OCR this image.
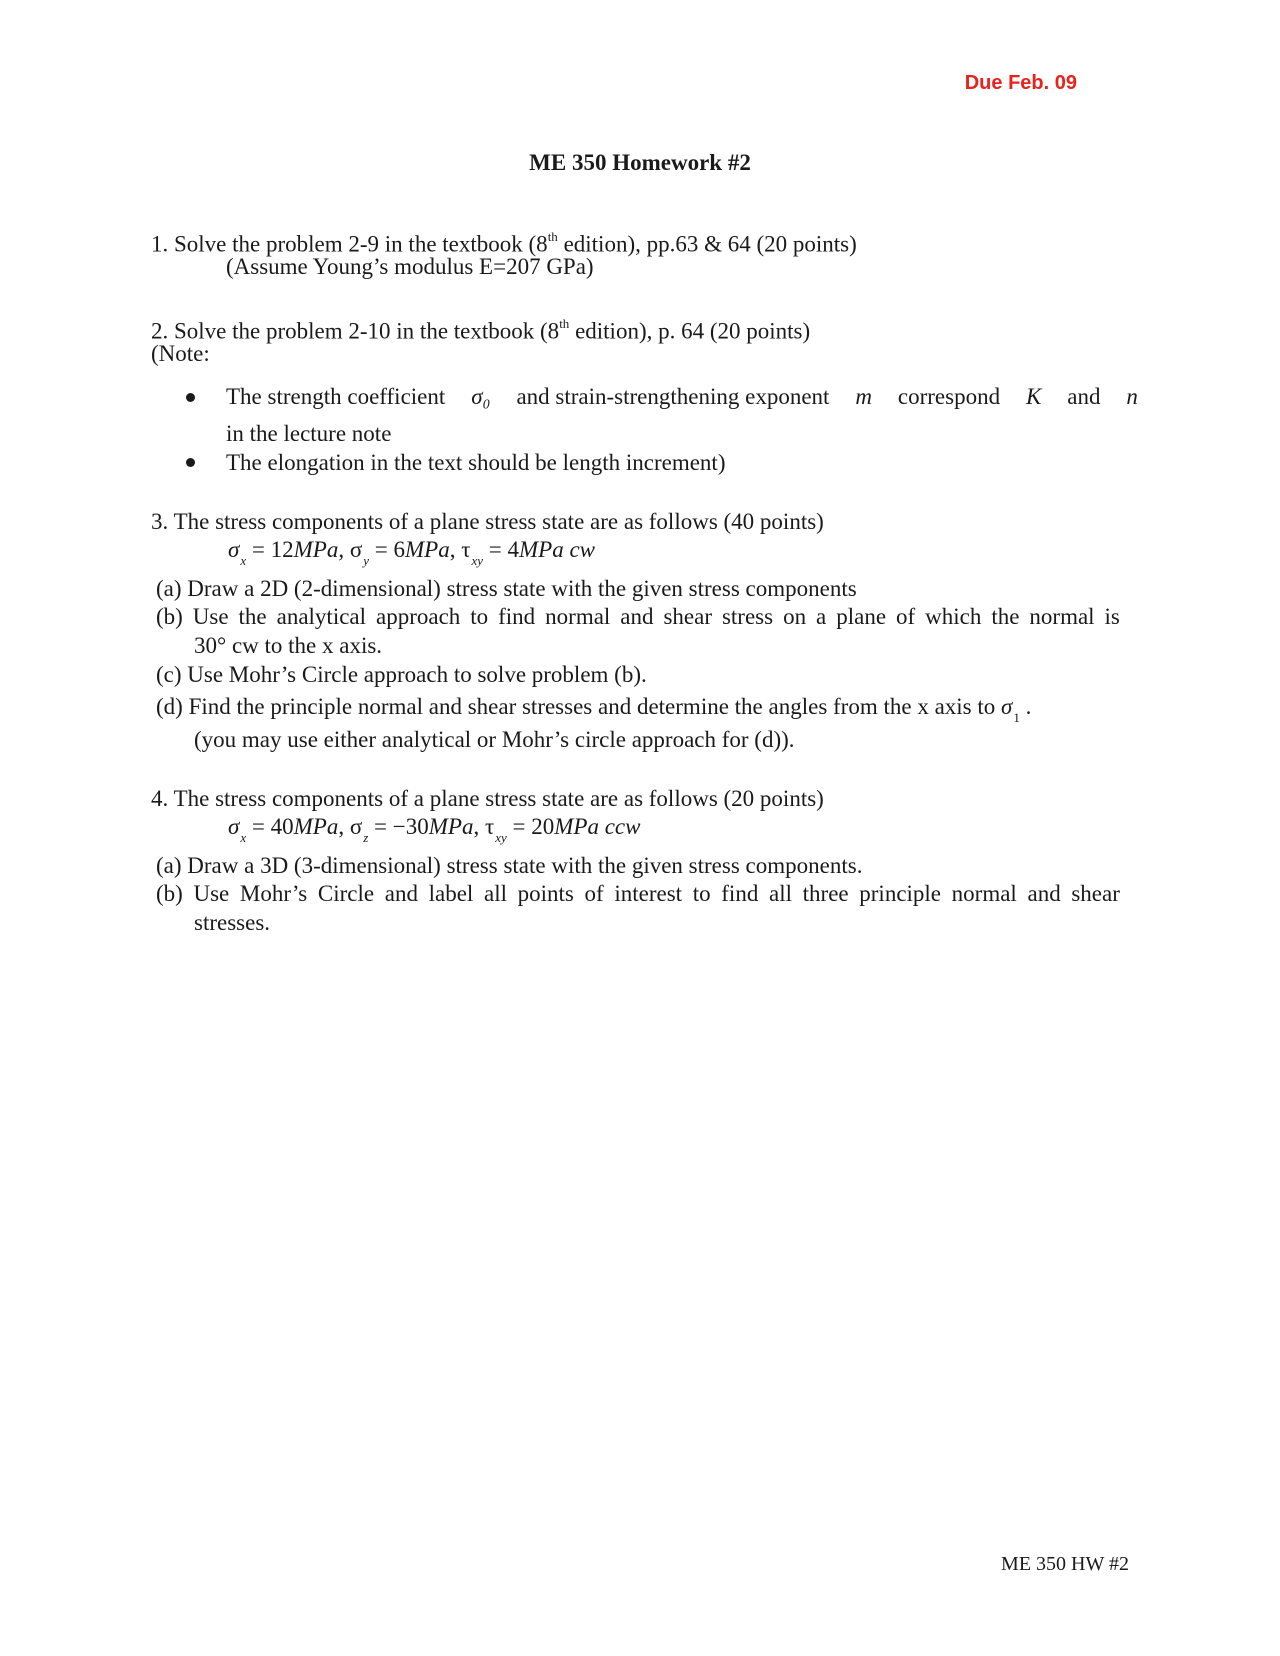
Due Feb. 09
ME 350 Homework #2
1. Solve the problem 2-9 in the textbook (8th edition), pp.63 & 64 (20 points)
(Assume Young’s modulus E=207 GPa)
2. Solve the problem 2-10 in the textbook (8th edition), p. 64 (20 points)
(Note:
The strength coefficient σ₀ and strain-strengthening exponent m correspond K and n
in the lecture note
The elongation in the text should be length increment)
3. The stress components of a plane stress state are as follows (40 points)
$\sigma_x = 12MPa$, $\sigma_y = 6MPa$, $\tau_{xy} = 4MPa$ cw
(a) Draw a 2D (2-dimensional) stress state with the given stress components
(b) Use the analytical approach to find normal and shear stress on a plane of which the normal is
30° cw to the x axis.
(c) Use Mohr’s Circle approach to solve problem (b).
(d) Find the principle normal and shear stresses and determine the angles from the x axis to $\sigma_1$ .
(you may use either analytical or Mohr’s circle approach for (d)).
4. The stress components of a plane stress state are as follows (20 points)
$\sigma_x = 40MPa$, $\sigma_z = -30MPa$, $\tau_{xy} = 20MPa$ ccw
(a) Draw a 3D (3-dimensional) stress state with the given stress components.
(b) Use Mohr’s Circle and label all points of interest to find all three principle normal and shear
stresses.
ME 350 HW #2
